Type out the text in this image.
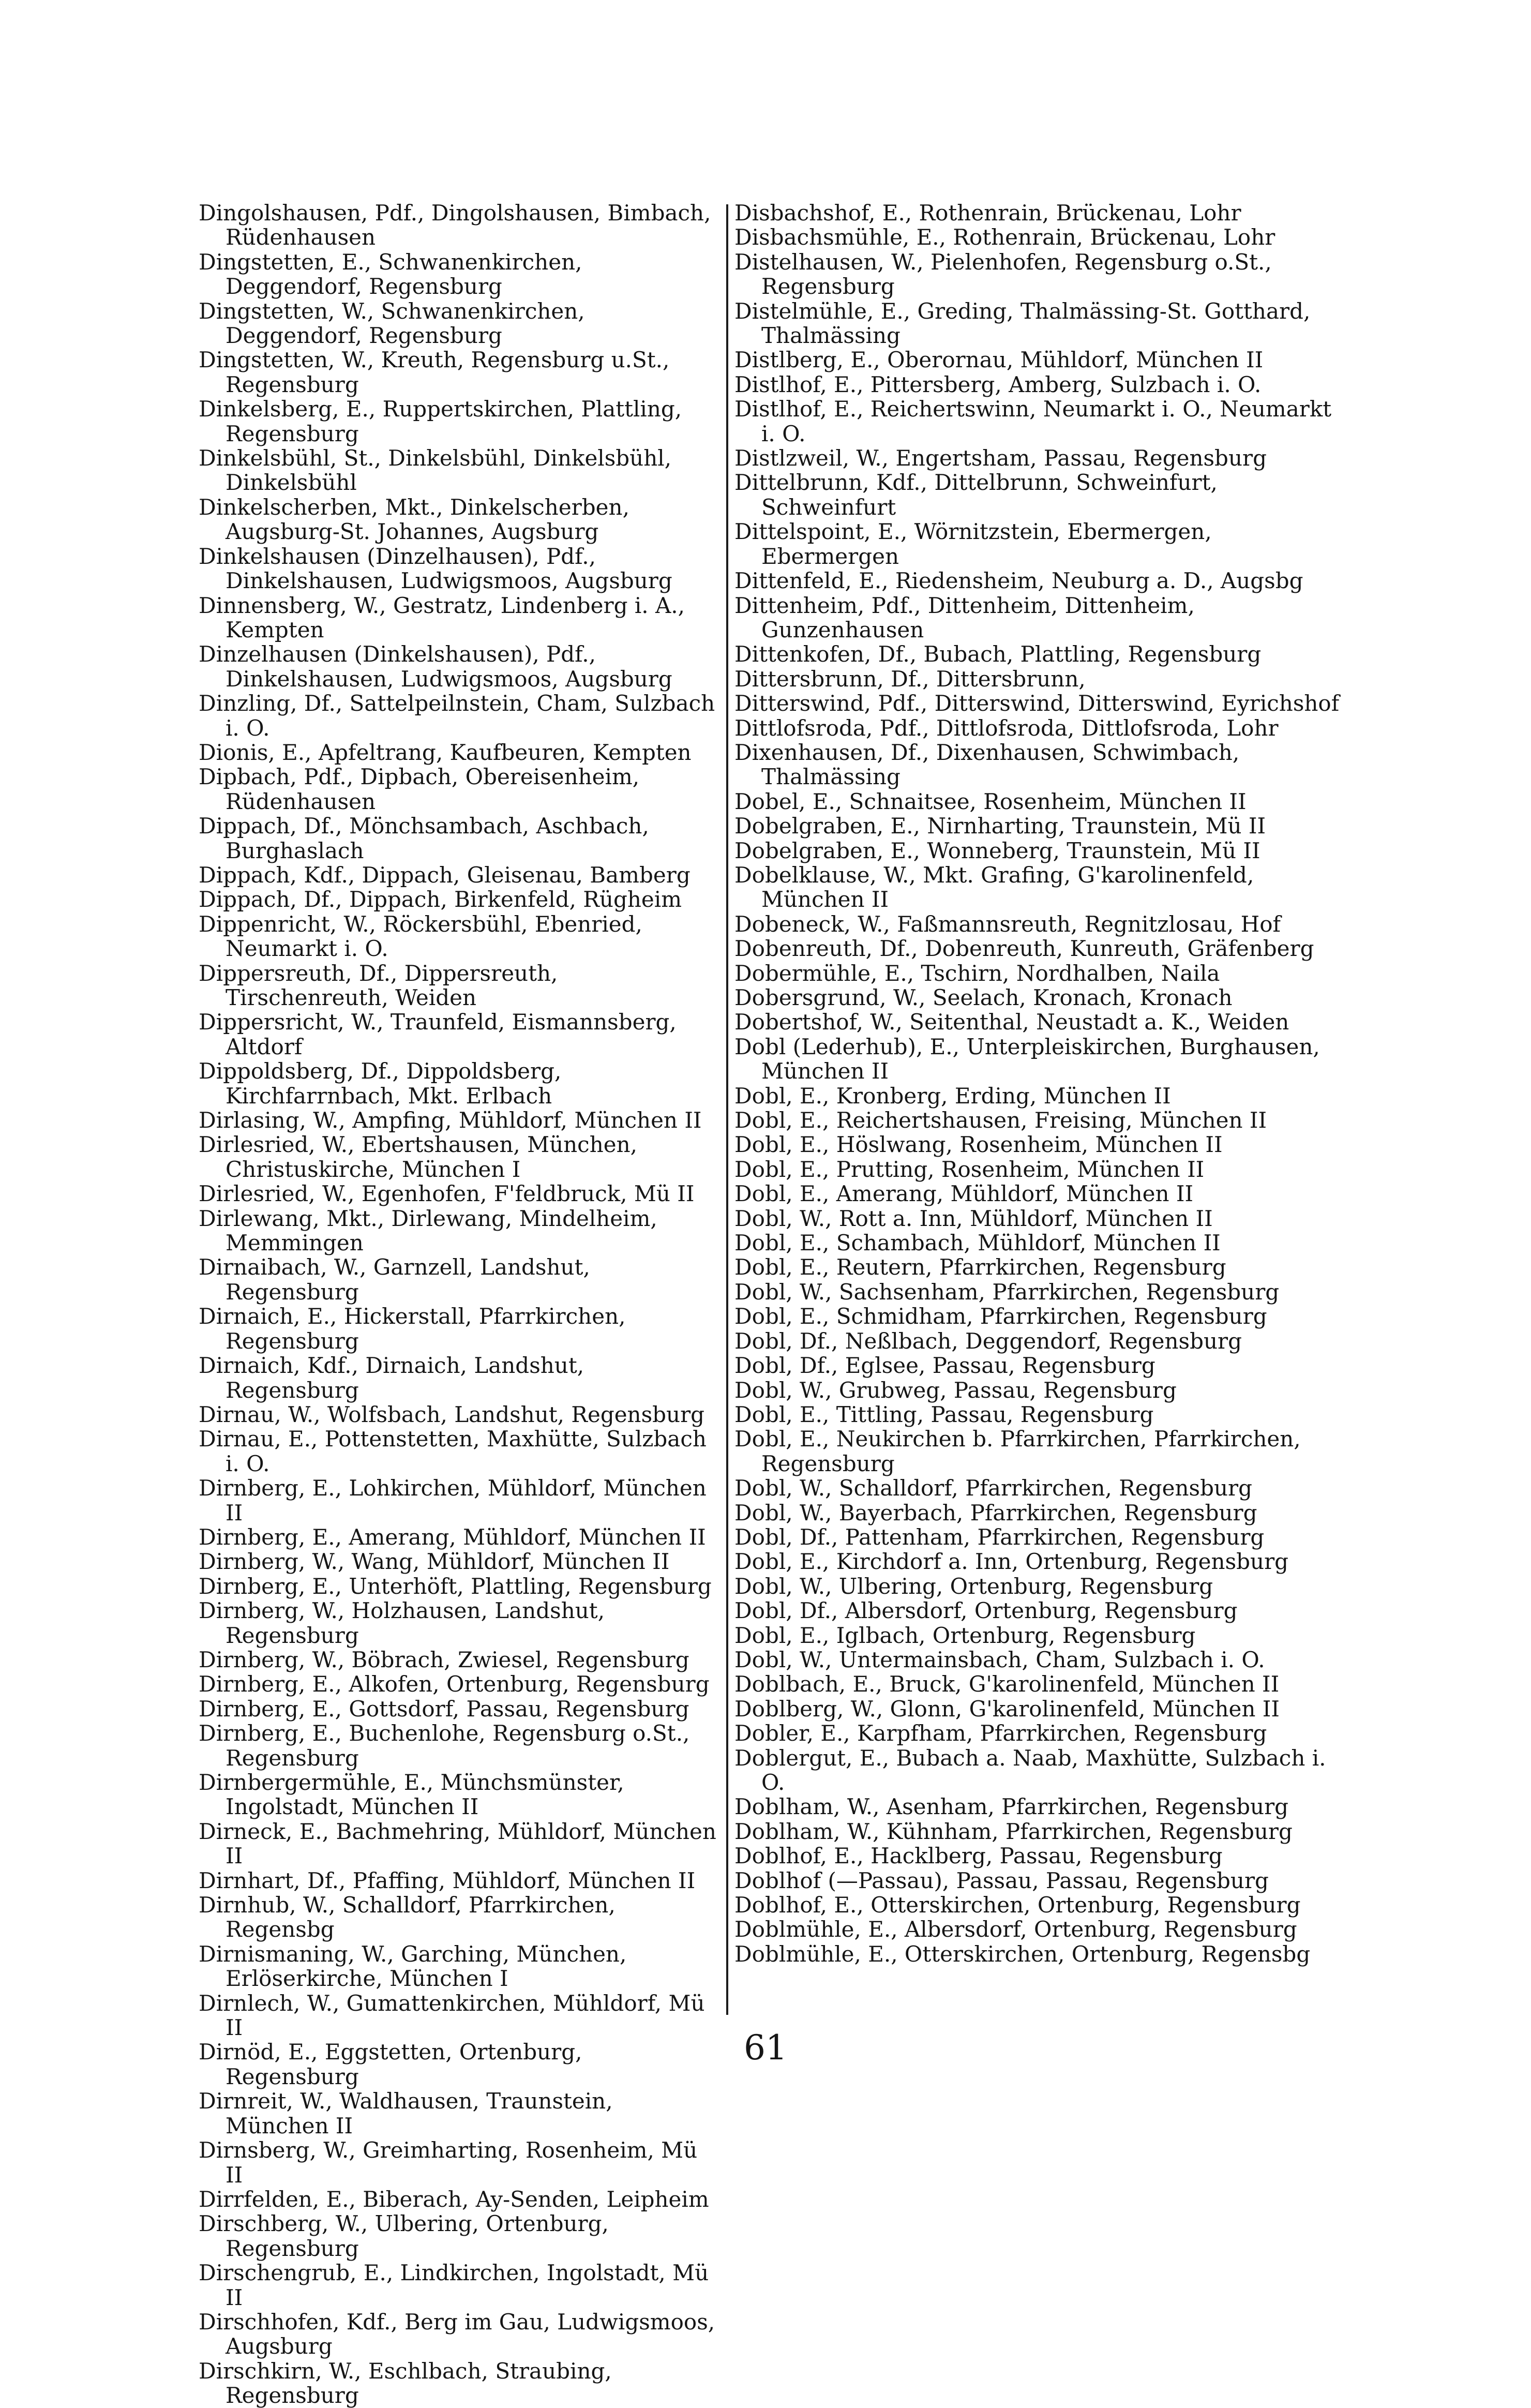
Dingolshausen, Pdf., Dingolshausen, Bimbach, Rüdenhausen
Dingstetten, E., Schwanenkirchen, Deggendorf, Regensburg
Dingstetten, W., Schwanenkirchen, Deggendorf, Regensburg
Dingstetten, W., Kreuth, Regensburg u.St., Regensburg
Dinkelsberg, E., Ruppertskirchen, Plattling, Regensburg
Dinkelsbühl, St., Dinkelsbühl, Dinkelsbühl, Dinkelsbühl
Dinkelscherben, Mkt., Dinkelscherben, Augsburg-St. Johannes, Augsburg
Dinkelshausen (Dinzelhausen), Pdf., Dinkelshausen, Ludwigsmoos, Augsburg
Dinnensberg, W., Gestratz, Lindenberg i. A., Kempten
Dinzelhausen (Dinkelshausen), Pdf., Dinkelshausen, Ludwigsmoos, Augsburg
Dinzling, Df., Sattelpeilnstein, Cham, Sulzbach i. O.
Dionis, E., Apfeltrang, Kaufbeuren, Kempten
Dipbach, Pdf., Dipbach, Obereisenheim, Rüdenhausen
Dippach, Df., Mönchsambach, Aschbach, Burghaslach
Dippach, Kdf., Dippach, Gleisenau, Bamberg
Dippach, Df., Dippach, Birkenfeld, Rügheim
Dippenricht, W., Röckersbühl, Ebenried, Neumarkt i. O.
Dippersreuth, Df., Dippersreuth, Tirschenreuth, Weiden
Dippersricht, W., Traunfeld, Eismannsberg, Altdorf
Dippoldsberg, Df., Dippoldsberg, Kirchfarrnbach, Mkt. Erlbach
Dirlasing, W., Ampfing, Mühldorf, München II
Dirlesried, W., Ebertshausen, München, Christuskirche, München I
Dirlesried, W., Egenhofen, F'feldbruck, Mü II
Dirlewang, Mkt., Dirlewang, Mindelheim, Memmingen
Dirnaibach, W., Garnzell, Landshut, Regensburg
Dirnaich, E., Hickerstall, Pfarrkirchen, Regensburg
Dirnaich, Kdf., Dirnaich, Landshut, Regensburg
Dirnau, W., Wolfsbach, Landshut, Regensburg
Dirnau, E., Pottenstetten, Maxhütte, Sulzbach i. O.
Dirnberg, E., Lohkirchen, Mühldorf, München II
Dirnberg, E., Amerang, Mühldorf, München II
Dirnberg, W., Wang, Mühldorf, München II
Dirnberg, E., Unterhöft, Plattling, Regensburg
Dirnberg, W., Holzhausen, Landshut, Regensburg
Dirnberg, W., Böbrach, Zwiesel, Regensburg
Dirnberg, E., Alkofen, Ortenburg, Regensburg
Dirnberg, E., Gottsdorf, Passau, Regensburg
Dirnberg, E., Buchenlohe, Regensburg o.St., Regensburg
Dirnbergermühle, E., Münchsmünster, Ingolstadt, München II
Dirneck, E., Bachmehring, Mühldorf, München II
Dirnhart, Df., Pfaffing, Mühldorf, München II
Dirnhub, W., Schalldorf, Pfarrkirchen, Regensbg
Dirnismaning, W., Garching, München, Erlöserkirche, München I
Dirnlech, W., Gumattenkirchen, Mühldorf, Mü II
Dirnöd, E., Eggstetten, Ortenburg, Regensburg
Dirnreit, W., Waldhausen, Traunstein, München II
Dirnsberg, W., Greimharting, Rosenheim, Mü II
Dirrfelden, E., Biberach, Ay-Senden, Leipheim
Dirschberg, W., Ulbering, Ortenburg, Regensburg
Dirschengrub, E., Lindkirchen, Ingolstadt, Mü II
Dirschhofen, Kdf., Berg im Gau, Ludwigsmoos, Augsburg
Dirschkirn, W., Eschlbach, Straubing, Regensburg
Disbachshof, E., Rothenrain, Brückenau, Lohr
Disbachsmühle, E., Rothenrain, Brückenau, Lohr
Distelhausen, W., Pielenhofen, Regensburg o.St., Regensburg
Distelmühle, E., Greding, Thalmässing-St. Gotthard, Thalmässing
Distlberg, E., Oberornau, Mühldorf, München II
Distlhof, E., Pittersberg, Amberg, Sulzbach i. O.
Distlhof, E., Reichertswinn, Neumarkt i. O., Neumarkt i. O.
Distlzweil, W., Engertsham, Passau, Regensburg
Dittelbrunn, Kdf., Dittelbrunn, Schweinfurt, Schweinfurt
Dittelspoint, E., Wörnitzstein, Ebermergen, Ebermergen
Dittenfeld, E., Riedensheim, Neuburg a. D., Augsbg
Dittenheim, Pdf., Dittenheim, Dittenheim, Gunzenhausen
Dittenkofen, Df., Bubach, Plattling, Regensburg
Dittersbrunn, Df., Dittersbrunn,
Ditterswind, Pdf., Ditterswind, Ditterswind, Eyrichshof
Dittlofsroda, Pdf., Dittlofsroda, Dittlofsroda, Lohr
Dixenhausen, Df., Dixenhausen, Schwimbach, Thalmässing
Dobel, E., Schnaitsee, Rosenheim, München II
Dobelgraben, E., Nirnharting, Traunstein, Mü II
Dobelgraben, E., Wonneberg, Traunstein, Mü II
Dobelklause, W., Mkt. Grafing, G'karolinenfeld, München II
Dobeneck, W., Faßmannsreuth, Regnitzlosau, Hof
Dobenreuth, Df., Dobenreuth, Kunreuth, Gräfenberg
Dobermühle, E., Tschirn, Nordhalben, Naila
Dobersgrund, W., Seelach, Kronach, Kronach
Dobertshof, W., Seitenthal, Neustadt a. K., Weiden
Dobl (Lederhub), E., Unterpleiskirchen, Burghausen, München II
Dobl, E., Kronberg, Erding, München II
Dobl, E., Reichertshausen, Freising, München II
Dobl, E., Höslwang, Rosenheim, München II
Dobl, E., Prutting, Rosenheim, München II
Dobl, E., Amerang, Mühldorf, München II
Dobl, W., Rott a. Inn, Mühldorf, München II
Dobl, E., Schambach, Mühldorf, München II
Dobl, E., Reutern, Pfarrkirchen, Regensburg
Dobl, W., Sachsenham, Pfarrkirchen, Regensburg
Dobl, E., Schmidham, Pfarrkirchen, Regensburg
Dobl, Df., Neßlbach, Deggendorf, Regensburg
Dobl, Df., Eglsee, Passau, Regensburg
Dobl, W., Grubweg, Passau, Regensburg
Dobl, E., Tittling, Passau, Regensburg
Dobl, E., Neukirchen b. Pfarrkirchen, Pfarrkirchen, Regensburg
Dobl, W., Schalldorf, Pfarrkirchen, Regensburg
Dobl, W., Bayerbach, Pfarrkirchen, Regensburg
Dobl, Df., Pattenham, Pfarrkirchen, Regensburg
Dobl, E., Kirchdorf a. Inn, Ortenburg, Regensburg
Dobl, W., Ulbering, Ortenburg, Regensburg
Dobl, Df., Albersdorf, Ortenburg, Regensburg
Dobl, E., Iglbach, Ortenburg, Regensburg
Dobl, W., Untermainsbach, Cham, Sulzbach i. O.
Doblbach, E., Bruck, G'karolinenfeld, München II
Doblberg, W., Glonn, G'karolinenfeld, München II
Dobler, E., Karpfham, Pfarrkirchen, Regensburg
Doblergut, E., Bubach a. Naab, Maxhütte, Sulzbach i. O.
Doblham, W., Asenham, Pfarrkirchen, Regensburg
Doblham, W., Kühnham, Pfarrkirchen, Regensburg
Doblhof, E., Hacklberg, Passau, Regensburg
Doblhof (—Passau), Passau, Passau, Regensburg
Doblhof, E., Otterskirchen, Ortenburg, Regensburg
Doblmühle, E., Albersdorf, Ortenburg, Regensburg
Doblmühle, E., Otterskirchen, Ortenburg, Regensbg
61
